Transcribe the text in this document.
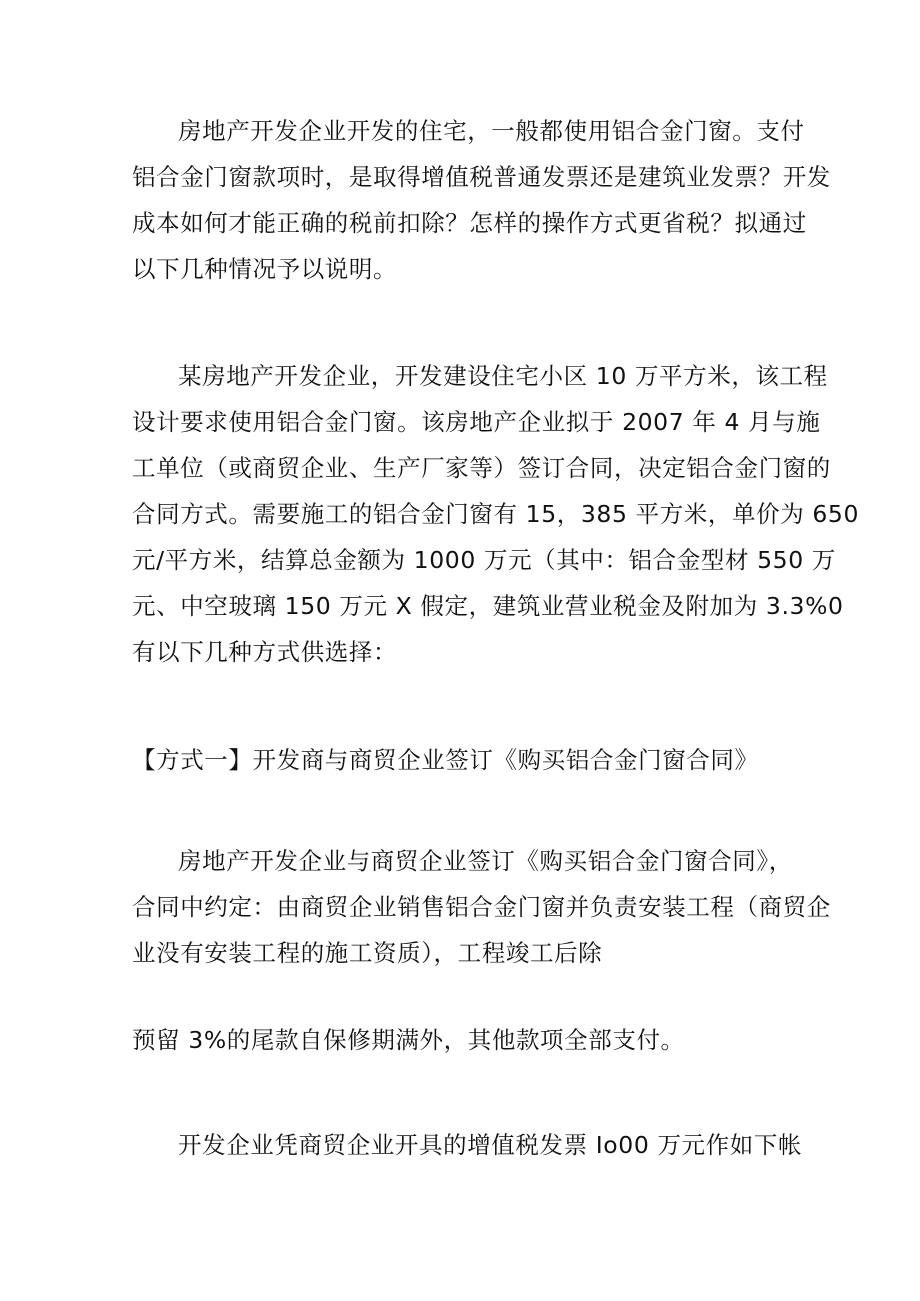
房地产开发企业开发的住宅，一般都使用铝合金门窗。支付
铝合金门窗款项时，是取得增值税普通发票还是建筑业发票？开发
成本如何才能正确的税前扣除？怎样的操作方式更省税？拟通过
以下几种情况予以说明。
某房地产开发企业，开发建设住宅小区 10 万平方米，该工程
设计要求使用铝合金门窗。该房地产企业拟于 2007 年 4 月与施
工单位（或商贸企业、生产厂家等）签订合同，决定铝合金门窗的
合同方式。需要施工的铝合金门窗有 15，385 平方米，单价为 650
元/平方米，结算总金额为 1000 万元（其中：铝合金型材 550 万
元、中空玻璃 150 万元 X 假定，建筑业营业税金及附加为 3.3%0
有以下几种方式供选择：
【方式一】开发商与商贸企业签订《购买铝合金门窗合同》
房地产开发企业与商贸企业签订《购买铝合金门窗合同》，
合同中约定：由商贸企业销售铝合金门窗并负责安装工程（商贸企
业没有安装工程的施工资质），工程竣工后除
预留 3%的尾款自保修期满外，其他款项全部支付。
开发企业凭商贸企业开具的增值税发票 Io00 万元作如下帐
